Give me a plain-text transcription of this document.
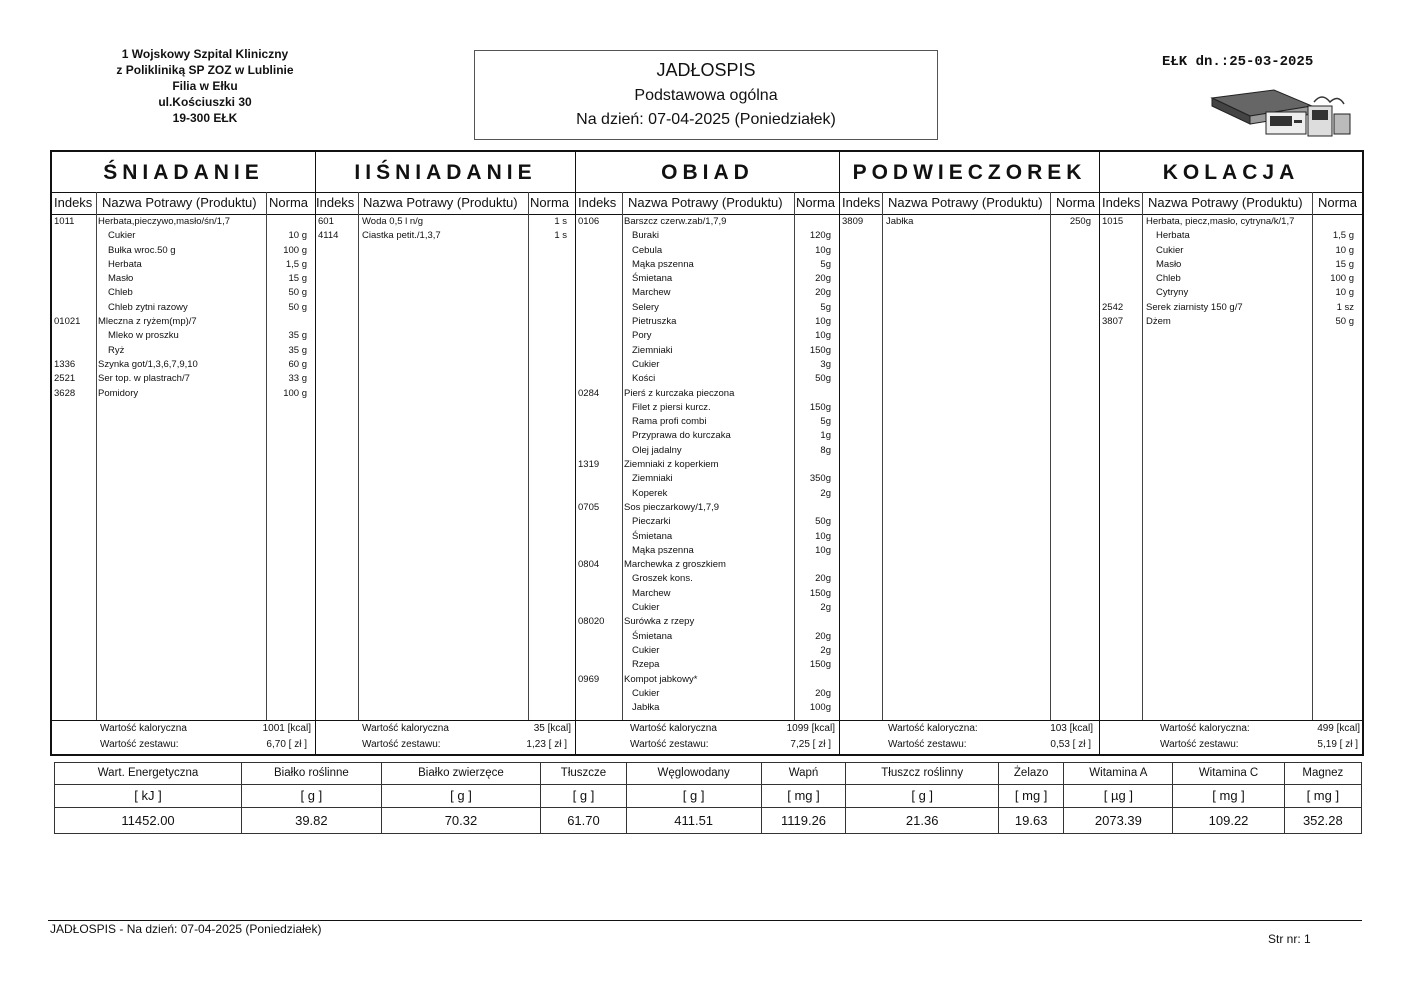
1 Wojskowy Szpital Kliniczny
z Polikliniką SP ZOZ w Lublinie
Filia w Ełku
ul.Kościuszki 30
19-300 EŁK
JADŁOSPIS
Podstawowa ogólna
Na dzień: 07-04-2025 (Poniedziałek)
EŁK dn.:25-03-2025
ŚNIADANIE
Indeks Nazwa Potrawy (Produktu) Norma
1011 Herbata,pieczywo,masło/śn/1,7
Cukier	10 g
Bułka wroc.50 g	100 g
Herbata	1,5 g
Masło	15 g
Chleb	50 g
Chleb zytni razowy	50 g
01021 Mleczna z ryżem(mp)/7
Mleko w proszku	35 g
Ryż	35 g
1336 Szynka got/1,3,6,7,9,10	60 g
2521 Ser top. w plastrach/7	33 g
3628 Pomidory	100 g
Wartość kaloryczna	1001 [kcal]
Wartość zestawu:	6,70 [ zł ]
IIŚNIADANIE
Indeks Nazwa Potrawy (Produktu) Norma
601	Woda 0,5 l n/g	1 s
4114 Ciastka petit./1,3,7	1 s
Wartość kaloryczna	35 [kcal]
Wartość zestawu:	1,23 [ zł ]
OBIAD
Indeks Nazwa Potrawy (Produktu) Norma
0106	Barszcz czerw.zab/1,7,9
Buraki	120g
Cebula	10g
Mąka pszenna	5g
Śmietana	20g
Marchew	20g
Selery	5g
Pietruszka	10g
Pory	10g
Ziemniaki	150g
Cukier	3g
Kości	50g
0284	Pierś z kurczaka pieczona
Filet z piersi kurcz.	150g
Rama profi combi	5g
Przyprawa do kurczaka	1g
Olej jadalny	8g
1319	Ziemniaki z koperkiem
Ziemniaki	350g
Koperek	2g
0705	Sos pieczarkowy/1,7,9
Pieczarki	50g
Śmietana	10g
Mąka pszenna	10g
0804	Marchewka z groszkiem
Groszek kons.	20g
Marchew	150g
Cukier	2g
08020 Surówka z rzepy
Śmietana	20g
Cukier	2g
Rzepa	150g
0969	Kompot jabkowy*
Cukier	20g
Jabłka	100g
Wartość kaloryczna	1099 [kcal]
Wartość zestawu:	7,25 [ zł ]
PODWIECZOREK
Indeks Nazwa Potrawy (Produktu) Norma
3809 Jabłka	250g
Wartość kaloryczna:	103 [kcal]
Wartość zestawu:	0,53 [ zł ]
KOLACJA
Indeks Nazwa Potrawy (Produktu) Norma
1015 Herbata, piecz,masło, cytryna/k/1,7
Herbata	1,5 g
Cukier	10 g
Masło	15 g
Chleb	100 g
Cytryny	10 g
2542 Serek ziarnisty 150 g/7	1 sz
3807 Dżem	50 g
Wartość kaloryczna:	499 [kcal]
Wartość zestawu:	5,19 [ zł ]
Wart. Energetyczna	Białko roślinne	Białko zwierzęce	Tłuszcze	Węglowodany	Wapń	Tłuszcz roślinny	Żelazo	Witamina A	Witamina C	Magnez
[ kJ ]	[ g ]	[ g ]	[ g ]	[ g ]	[ mg ]	[ g ]	[ mg ]	[ µg ]	[ mg ]	[ mg ]
11452.00	39.82	70.32	61.70	411.51	1119.26	21.36	19.63	2073.39	109.22	352.28
JADŁOSPIS - Na dzień: 07-04-2025 (Poniedziałek)
Str nr: 1
